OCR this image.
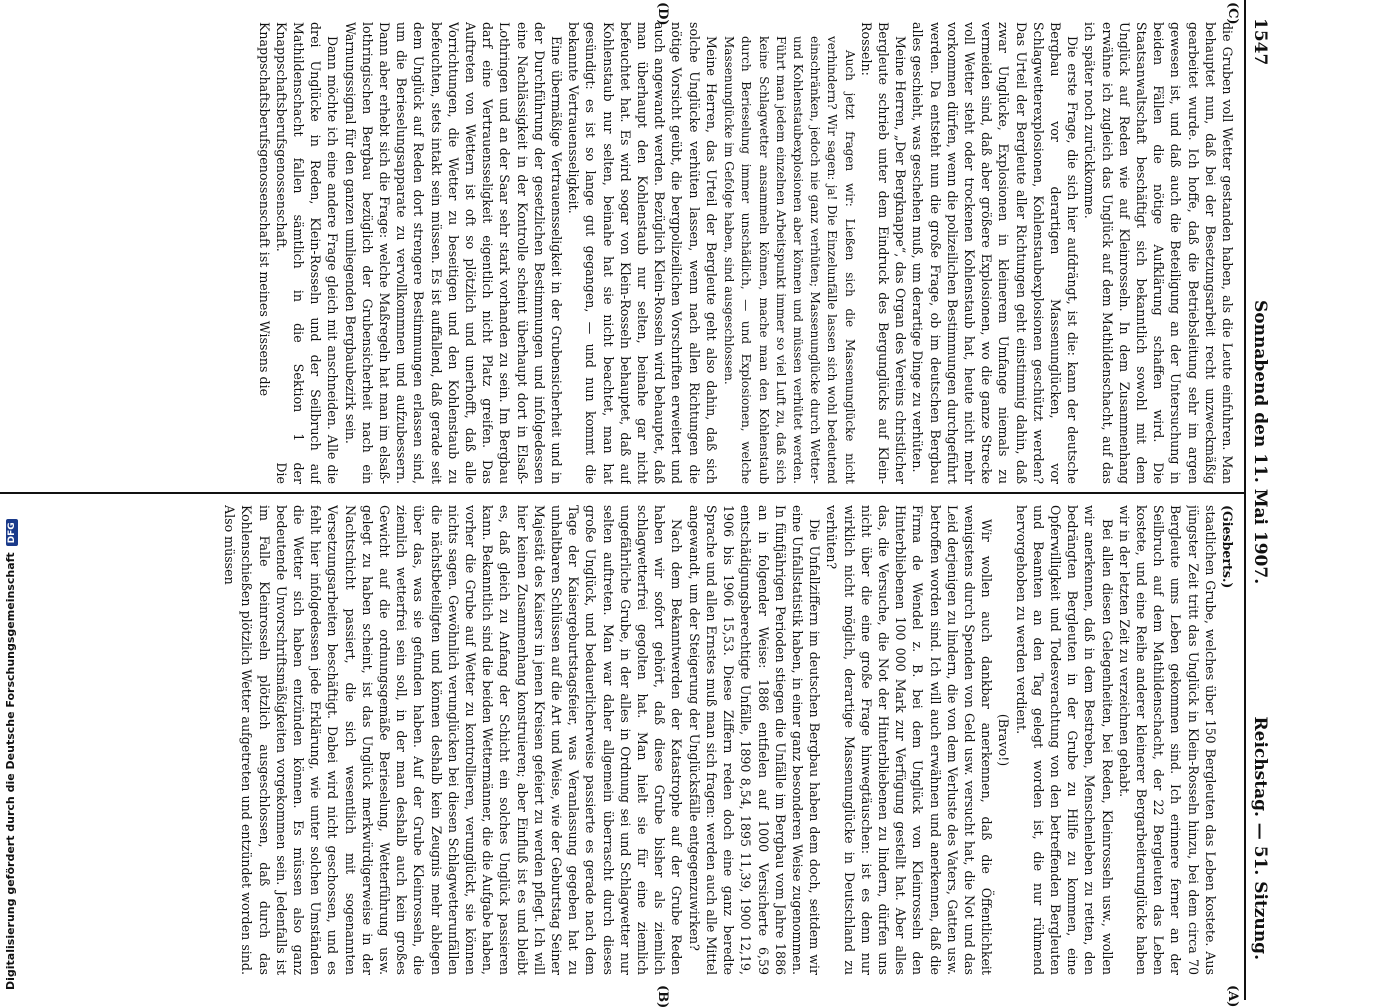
Digitalisierung gefördert durch die Deutsche ForschungsgemeinschaftDFG
1547
Sonnabend den 11. Mai 1907.
Reichstag. — 51. Sitzung.
(A)
(B)
(C)
(D)

(Giesberts.)

staatlichen Grube, welches über 150 Bergleuten das Leben kostete. Aus jüngster Zeit tritt das Unglück in Klein-Rosseln hinzu, bei dem circa 70 Bergleute ums Leben gekommen sind. Ich erinnere ferner an der Seilbruch auf dem Mathildenschacht, der 22 Bergleuten das Leben kostete, und eine Reihe anderer kleinerer Bergarbeiterunglücke haben wir in der letzten Zeit zu verzeichnen gehabt.

Bei allen diesen Gelegenheiten, bei Reden, Kleinrosseln usw., wollen wir anerkennen, daß in dem Bestreben, Menschenleben zu retten, den bedrängten Bergleuten in der Grube zu Hilfe zu kommen, eine Opferwilligkeit und Todesverachtung von den betreffenden Bergleuten und Beamten an den Tag gelegt worden ist, die nur rühmend hervorgehoben zu werden verdient.

(Bravo!)

Wir wollen auch dankbar anerkennen, daß die Öffentlichkeit wenigstens durch Spenden von Geld usw. versucht hat, die Not und das Leid derjenigen zu lindern, die von dem Verluste des Vaters, Gatten usw. betroffen worden sind. Ich will auch erwähnen und anerkennen, daß die Firma de Wendel z. B. bei dem Unglück von Kleinrosseln den Hinterbliebenen 100 000 Mark zur Verfügung gestellt hat. Aber alles das, die Versuche, die Not der Hinterbliebenen zu lindern, dürfen uns nicht über die eine große Frage hinwegtäuschen: ist es denn nur wirklich nicht möglich, derartige Massenunglücke in Deutschland zu verhüten?

Die Unfallziffern im deutschen Bergbau haben dem doch, seitdem wir eine Unfallstatistik haben, in einer ganz besonderen Weise zugenommen. In fünfjährigen Perioden stiegen die Unfälle im Bergbau vom Jahre 1886 an in folgender Weise: 1886 entfielen auf 1000 Versicherte 6,59 entschädigungsberechtigte Unfälle, 1890 8,54, 1895 11,39, 1900 12,19, 1906 bis 1906 15,53. Diese Ziffern reden doch eine ganz beredte Sprache und allen Ernstes muß man sich fragen: werden auch alle Mittel angewandt, um der Steigerung der Unglücksfälle entgegenzuwirken?

Nach dem Bekanntwerden der Katastrophe auf der Grube Reden haben wir sofort gehört, daß diese Grube bisher als ziemlich schlagwetterfrei gegolten hat. Man hielt sie für eine ziemlich ungefährliche Grube, in der alles in Ordnung sei und Schlagwetter nur selten auftreten. Man war daher allgemein überrascht durch dieses große Unglück, und bedauerlicherweise passierte es gerade nach dem Tage der Kaisergeburtstagsfeier, was Veranlassung gegeben hat zu unhaltbaren Schlüssen auf die Art und Weise, wie der Geburtstag Seiner Majestät des Kaisers in jenen Kreisen gefeiert zu werden pflegt. Ich will hier keinen Zusammenhang konstruieren; aber Einfluß ist es und bleibt es, daß gleich zu Anfang der Schicht ein solches Unglück passieren kann. Bekanntlich sind die beiden Wettermänner, die die Aufgabe haben, vorher die Grube auf Wetter zu kontrollieren, verunglückt, sie können nichts sagen. Gewöhnlich verunglücken bei diesen Schlagwetterunfällen die nächstbeteiligten und können deshalb kein Zeugnis mehr ablegen über das, was sie gefunden haben. Auf der Grube Kleinrosseln, die ziemlich wetterfrei sein soll, in der man deshalb auch kein großes Gewicht auf die ordnungsgemäße Berieselung, Wetterführung usw. gelegt zu haben scheint, ist das Unglück merkwürdigerweise in der Nachtschicht passiert, die sich wesentlich mit sogenannten Versetzungsarbeiten beschäftigt. Dabei wird nicht geschossen, und es fehlt hier infolgedessen jede Erklärung, wie unter solchen Umständen die Wetter sich haben entzünden können. Es müssen also ganz bedeutende Unvorschriftsmäßigkeiten vorgekommen sein. Jedenfalls ist im Falle Kleinrosseln plötzlich ausgeschlossen, daß durch das Kohlenschießen plötzlich Wetter aufgetreten und entzündet worden sind. Also müssen

die Gruben voll Wetter gestanden haben, als die Leute einfuhren. Man behauptet nun, daß bei der Besetzungsarbeit recht unzweckmäßig gearbeitet wurde. Ich hoffe, daß die Betriebsleitung sehr im argen gewesen ist, und daß auch die Beteiligung an der Untersuchung in beiden Fällen die nötige Aufklärung schaffen wird. Die Staatsanwaltschaft beschäftigt sich bekanntlich sowohl mit dem Unglück auf Reden wie auf Kleinrosseln. In dem Zusammenhang erwähne ich zugleich das Unglück auf dem Mathildenschacht, auf das ich später noch zurückkomme.

Die erste Frage, die sich hier aufdrängt, ist die: kann der deutsche Bergbau vor derartigen Massenunglücken, vor Schlagwetterexplosionen, Kohlenstaubexplosionen geschützt werden? Das Urteil der Bergleute aller Richtungen geht einstimmig dahin, daß zwar Unglücke, Explosionen in kleinerem Umfange niemals zu vermeiden sind, daß aber größere Explosionen, wo die ganze Strecke voll Wetter steht oder trockenen Kohlenstaub hat, heute nicht mehr vorkommen dürfen, wenn die polizeilichen Bestimmungen durchgeführt werden. Da entsteht nun die große Frage, ob im deutschen Bergbau alles geschieht, was geschehen muß, um derartige Dinge zu verhüten.

Meine Herren, „Der Bergknappe“, das Organ des Vereins christlicher Bergleute schrieb unter dem Eindruck des Bergunglücks auf Klein-Rosseln:

Auch jetzt fragen wir: Ließen sich die Massenunglücke nicht verhindern? Wir sagen: ja! Die Einzelunfälle lassen sich wohl bedeutend einschränken, jedoch nie ganz verhüten; Massenunglücke durch Wetter- und Kohlenstaubexplosionen aber können und müssen verhütet werden. Führt man jedem einzelnen Arbeitspunkt immer so viel Luft zu, daß sich keine Schlagwetter ansammeln können, mache man den Kohlenstaub durch Berieselung immer unschädlich, — und Explosionen, welche Massenunglücke im Gefolge haben, sind ausgeschlossen.

Meine Herren, das Urteil der Bergleute geht also dahin, daß sich solche Unglücke verhüten lassen, wenn nach allen Richtungen die nötige Vorsicht geübt, die bergpolizeilichen Vorschriften erweitert und auch angewandt werden. Bezüglich Klein-Rosseln wird behauptet, daß man überhaupt den Kohlenstaub nur selten, beinahe gar nicht befeuchtet hat. Es wird sogar von Klein-Rosseln behauptet, daß auf Kohlenstaub nur selten, beinahe hat sie nicht beachtet, man hat gesündigt: es ist so lange gut gegangen, — und nun kommt die bekannte Vertrauensseligkeit.

Eine übermäßige Vertrauensseligkeit in der Grubensicherheit und in der Durchführung der gesetzlichen Bestimmungen und infolgedessen eine Nachlässigkeit in der Kontrolle scheint überhaupt dort in Elsaß-Lothringen und an der Saar sehr stark vorhanden zu sein. Im Bergbau darf eine Vertrauensseligkeit eigentlich nicht Platz greifen. Das Auftreten von Wettern ist oft so plötzlich und unerhofft, daß alle Vorrichtungen, die Wetter zu beseitigen und den Kohlenstaub zu befeuchten, stets intakt sein müssen. Es ist auffallend, daß gerade seit dem Unglück auf Reden dort strengere Bestimmungen erlassen sind, um die Berieselungsapparate zu vervollkommnen und aufzubessern. Dann aber erhebt sich die Frage: welche Maßregeln hat man im elsaß-lothringischen Bergbau bezüglich der Grubensicherheit nach ein Warnungssignal für den ganzen umliegenden Bergbaubezirk sein.

Dann möchte ich eine andere Frage gleich mit anschneiden. Alle die drei Unglücke in Reden, Klein-Rosseln und der Seilbruch auf Mathildenschacht fallen sämtlich in die Sektion 1 der Knappschaftsberufsgenossenschaft. Die Knappschaftsberufsgenossenschaft ist meines Wissens die
